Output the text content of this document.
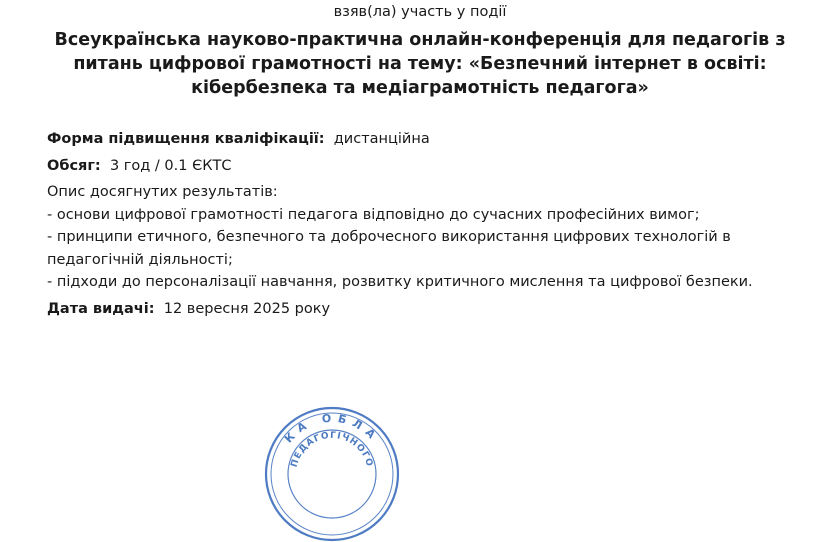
взяв(ла) участь у події
Всеукраїнська науково-практична онлайн-конференція для педагогів з
питань цифрової грамотності на тему: «Безпечний інтернет в освіті:
кібербезпека та медіаграмотність педагога»

Форма підвищення кваліфікації: дистанційна

Обсяг: 3 год / 0.1 ЄКТС

Опис досягнутих результатів:

- основи цифрової грамотності педагога відповідно до сучасних професійних вимог;

- принципи етичного, безпечного та доброчесного використання цифрових технологій в педагогічній діяльності;

- підходи до персоналізації навчання, розвитку критичного мислення та цифрової безпеки.

Дата видачі: 12 вересня 2025 року

КА ОБЛА
ПЕДАГОГІЧНОГО
